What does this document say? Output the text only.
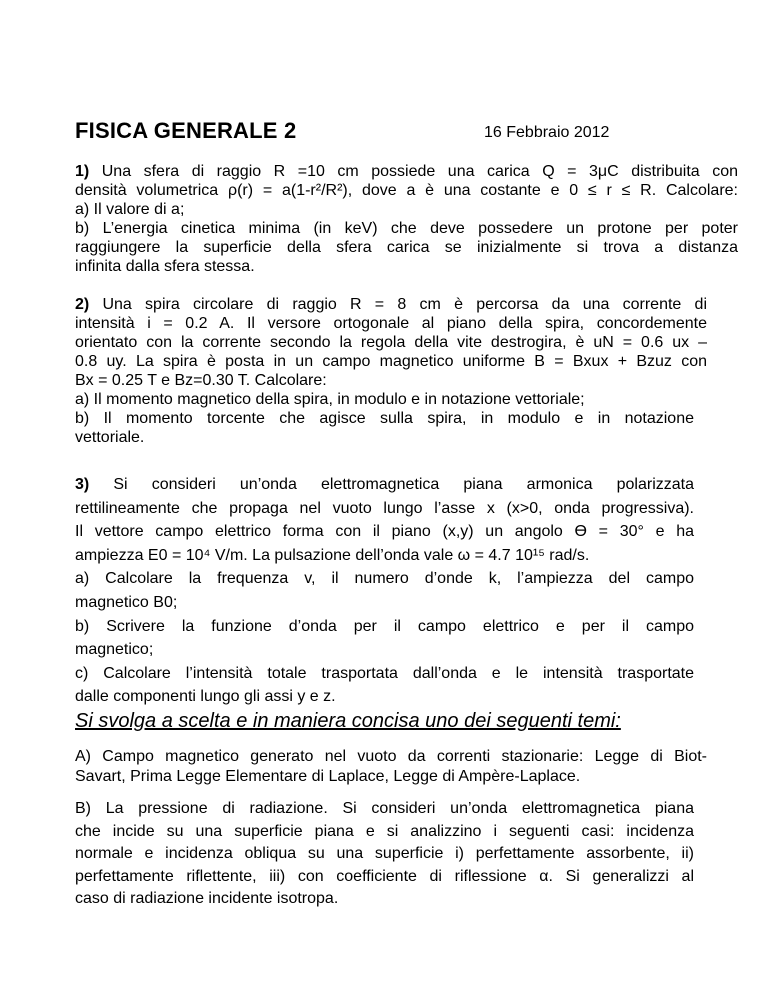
FISICA GENERALE 2	16 Febbraio 2012
1) Una sfera di raggio R =10 cm possiede una carica Q = 3μC distribuita con
densità volumetrica ρ(r) = a(1-r²/R²), dove a è una costante e 0 ≤ r ≤ R. Calcolare:
a) Il valore di a;
b) L’energia cinetica minima (in keV) che deve possedere un protone per poter
raggiungere la superficie della sfera carica se inizialmente si trova a distanza
infinita dalla sfera stessa.
2) Una spira circolare di raggio R = 8 cm è percorsa da una corrente di
intensità i = 0.2 A. Il versore ortogonale al piano della spira, concordemente
orientato con la corrente secondo la regola della vite destrogira, è uN = 0.6 ux –
0.8 uy. La spira è posta in un campo magnetico uniforme B = Bxux + Bzuz con
Bx = 0.25 T e Bz=0.30 T. Calcolare:
a) Il momento magnetico della spira, in modulo e in notazione vettoriale;
b) Il momento torcente che agisce sulla spira, in modulo e in notazione
vettoriale.
3) Si consideri un’onda elettromagnetica piana armonica polarizzata
rettilineamente che propaga nel vuoto lungo l’asse x (x>0, onda progressiva).
Il vettore campo elettrico forma con il piano (x,y) un angolo ϴ = 30° e ha
ampiezza E0 = 10⁴ V/m. La pulsazione dell’onda vale ω = 4.7 10¹⁵ rad/s.
a) Calcolare la frequenza v, il numero d’onde k, l’ampiezza del campo
magnetico B0;
b) Scrivere la funzione d’onda per il campo elettrico e per il campo
magnetico;
c) Calcolare l’intensità totale trasportata dall’onda e le intensità trasportate
dalle componenti lungo gli assi y e z.
Si svolga a scelta e in maniera concisa uno dei seguenti temi:
A) Campo magnetico generato nel vuoto da correnti stazionarie: Legge di Biot-
Savart, Prima Legge Elementare di Laplace, Legge di Ampère-Laplace.
B) La pressione di radiazione. Si consideri un’onda elettromagnetica piana
che incide su una superficie piana e si analizzino i seguenti casi: incidenza
normale e incidenza obliqua su una superficie i) perfettamente assorbente, ii)
perfettamente riflettente, iii) con coefficiente di riflessione α. Si generalizzi al
caso di radiazione incidente isotropa.
